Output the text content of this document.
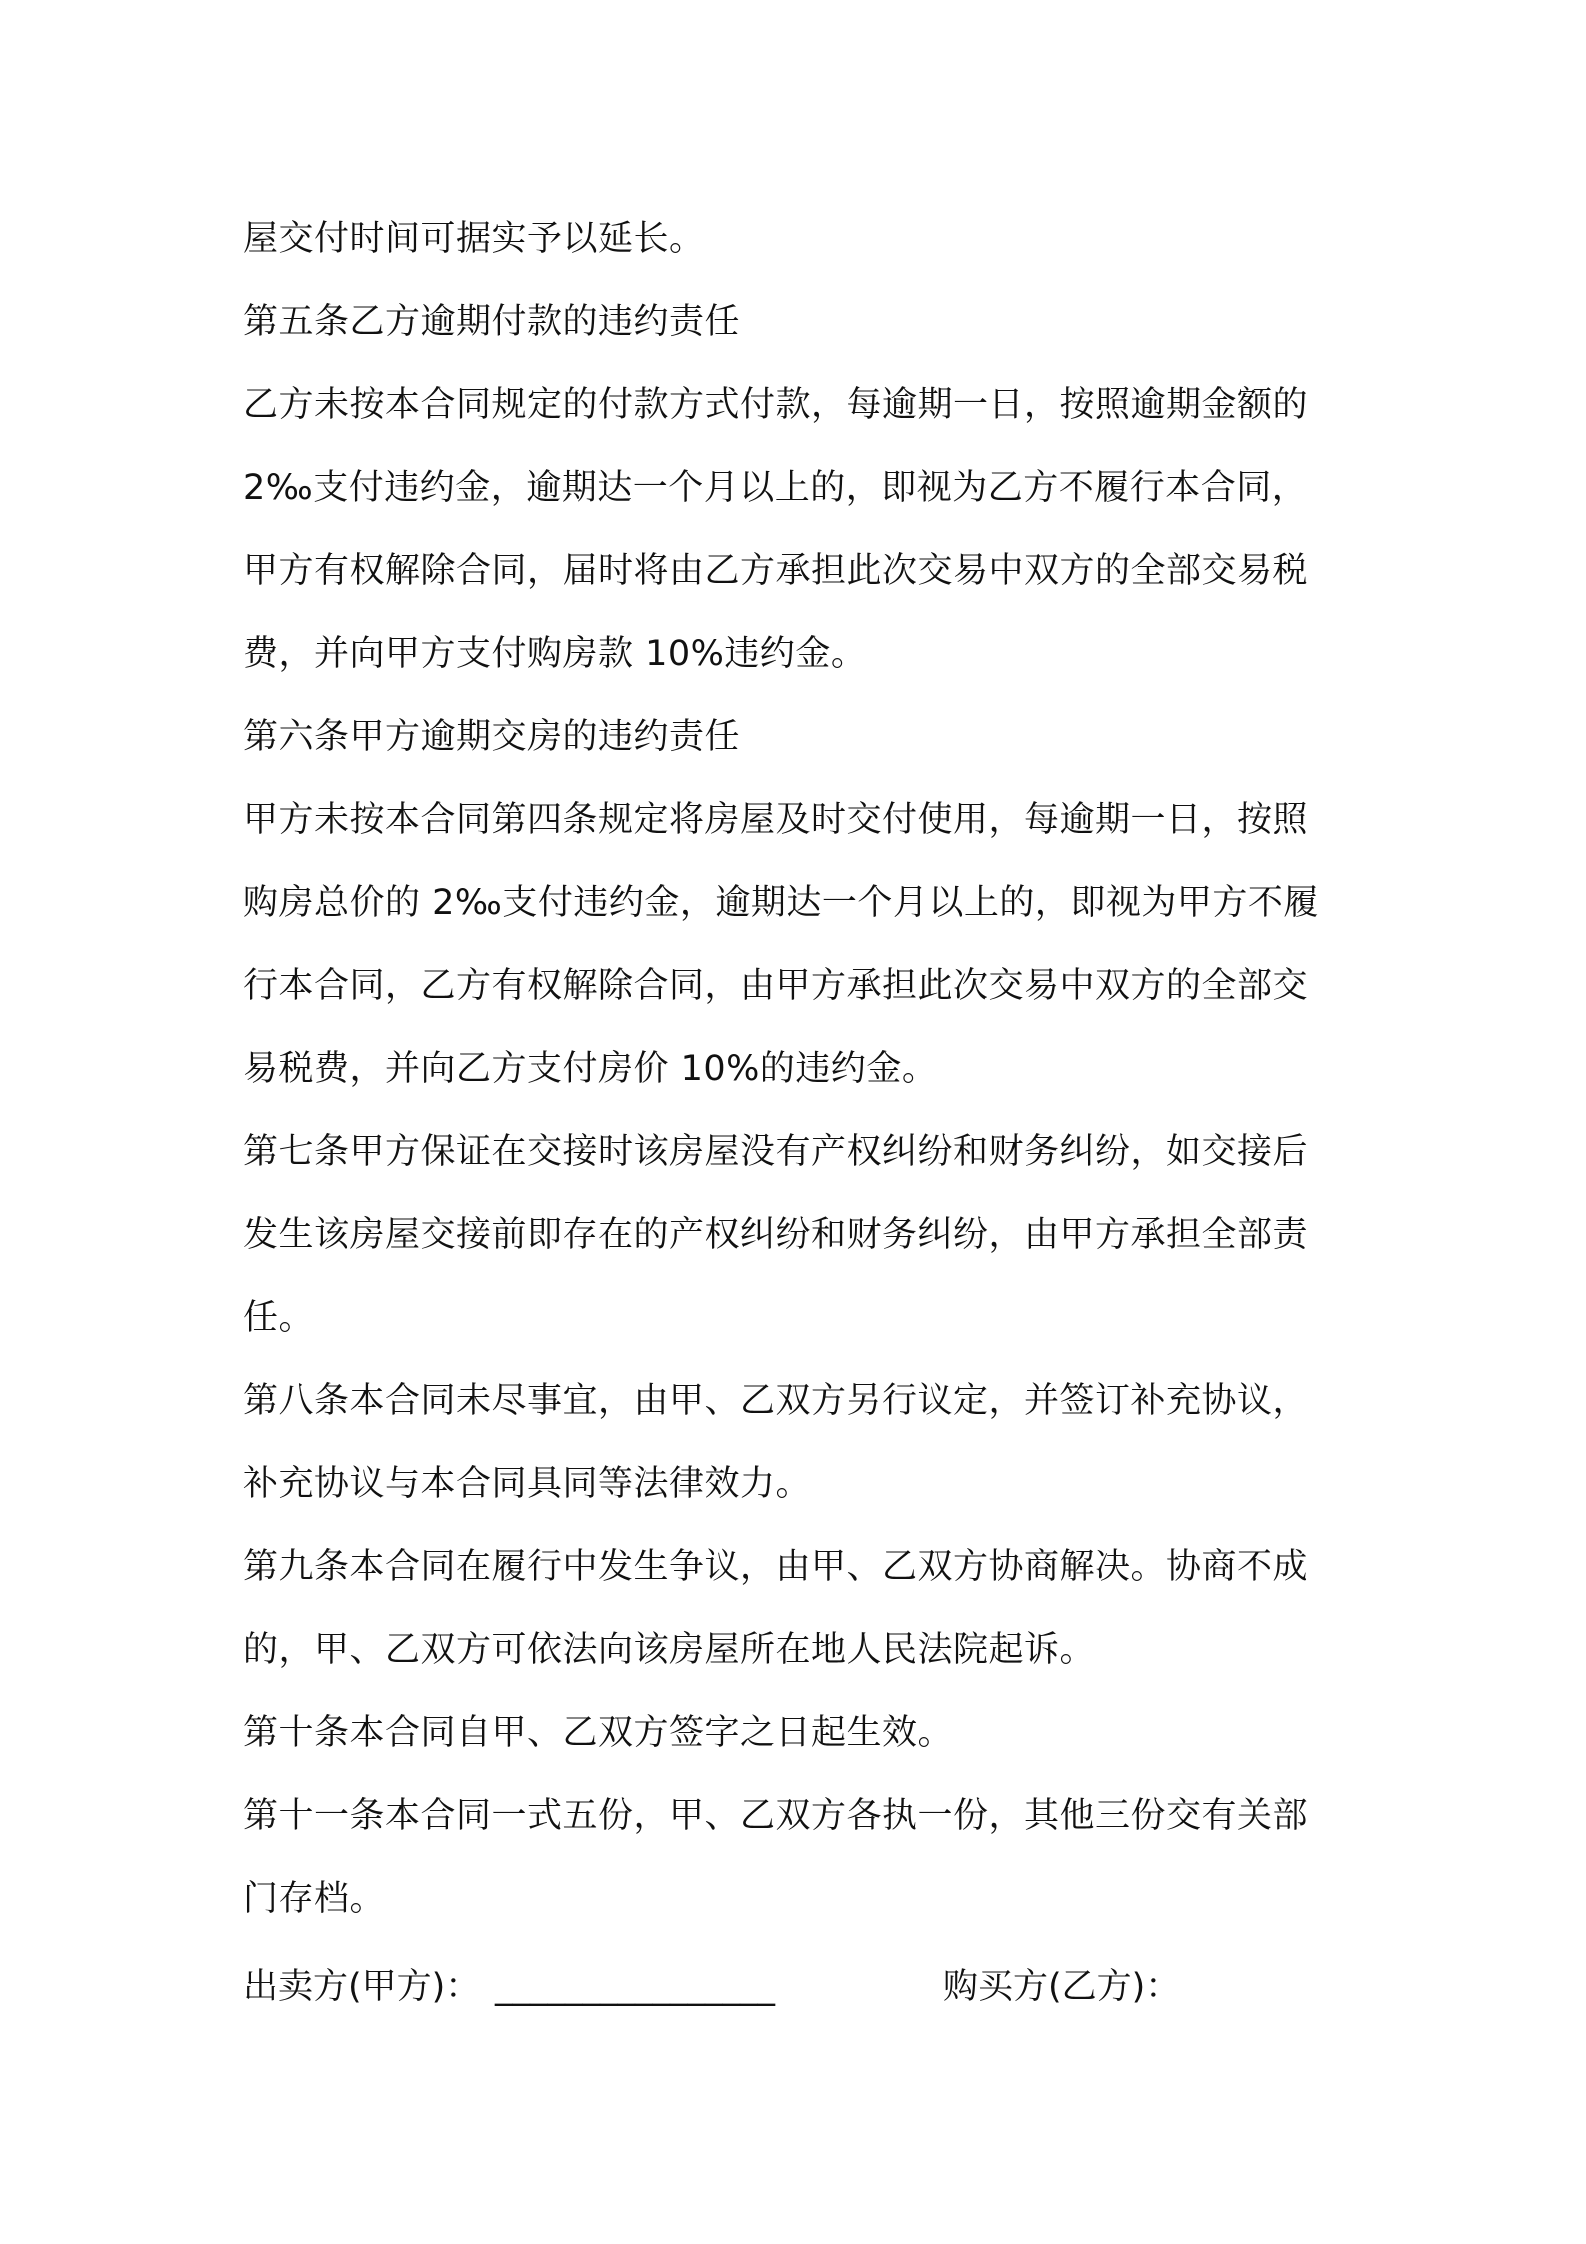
屋交付时间可据实予以延长。
第五条乙方逾期付款的违约责任
乙方未按本合同规定的付款方式付款，每逾期一日，按照逾期金额的
2‰支付违约金，逾期达一个月以上的，即视为乙方不履行本合同，
甲方有权解除合同，届时将由乙方承担此次交易中双方的全部交易税
费，并向甲方支付购房款 10%违约金。
第六条甲方逾期交房的违约责任
甲方未按本合同第四条规定将房屋及时交付使用，每逾期一日，按照
购房总价的 2‰支付违约金，逾期达一个月以上的，即视为甲方不履
行本合同，乙方有权解除合同，由甲方承担此次交易中双方的全部交
易税费，并向乙方支付房价 10%的违约金。
第七条甲方保证在交接时该房屋没有产权纠纷和财务纠纷，如交接后
发生该房屋交接前即存在的产权纠纷和财务纠纷，由甲方承担全部责
任。
第八条本合同未尽事宜，由甲、乙双方另行议定，并签订补充协议，
补充协议与本合同具同等法律效力。
第九条本合同在履行中发生争议，由甲、乙双方协商解决。协商不成
的，甲、乙双方可依法向该房屋所在地人民法院起诉。
第十条本合同自甲、乙双方签字之日起生效。
第十一条本合同一式五份，甲、乙双方各执一份，其他三份交有关部
门存档。
出卖方(甲方)： ________________	购买方(乙方)：
